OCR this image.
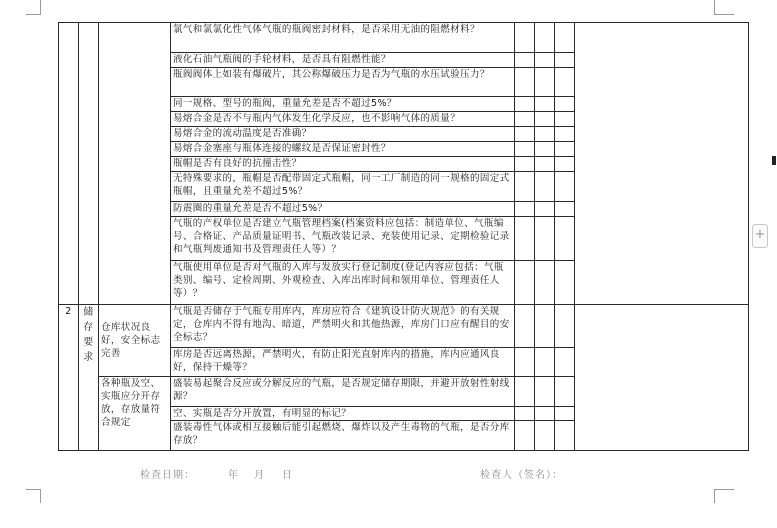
+
			氯气和氯氯化性气体气瓶的瓶阀密封材料，是否采用无油的阻燃材料？				
			液化石油气瓶阀的手轮材料，是否具有阻燃性能？				
			瓶阀阀体上如装有爆破片，其公称爆破压力是否为气瓶的水压试验压力？				
			同一规格、型号的瓶阀，重量允差是否不超过5%？				
			易熔合金是否不与瓶内气体发生化学反应，也不影响气体的质量？				
			易熔合金的流动温度是否准确？				
			易熔合金塞座与瓶体连接的螺纹是否保证密封性？				
			瓶帽是否有良好的抗撞击性？				
			无特殊要求的，瓶帽是否配带固定式瓶帽，同一工厂制造的同一规格的固定式瓶帽，且重量允差不超过5%？				
			防震圈的重量允差是否不超过5%？				
			气瓶的产权单位是否建立气瓶管理档案(档案资料应包括：制造单位、气瓶编号、合格证、产品质量证明书、气瓶改装记录、充装使用记录、定期检验记录和气瓶判废通知书及管理责任人等）？				
			气瓶使用单位是否对气瓶的入库与发放实行登记制度(登记内容应包括：气瓶类别、编号、定检周期、外观检查、入库出库时间和领用单位、管理责任人等）？				
2	储存要求	仓库状况良好，安全标志完善	气瓶是否储存于气瓶专用库内，库房应符合《建筑设计防火规范》的有关规定，仓库内不得有地沟、暗道，严禁明火和其他热源，库房门口应有醒目的安全标志？				
			库房是否远离热源，严禁明火，有防止阳光直射库内的措施，库内应通风良好，保持干燥等？				
		各种瓶及空、实瓶应分开存放，存放量符合规定	盛装易起聚合反应或分解反应的气瓶，是否规定储存期限，并避开放射性射线源？				
			空、实瓶是否分开放置，有明显的标记？				
			盛装毒性气体或相互接触后能引起燃烧、爆炸以及产生毒物的气瓶，是否分库存放？				
检查日期：	年 月 日	检查人（签名）：
